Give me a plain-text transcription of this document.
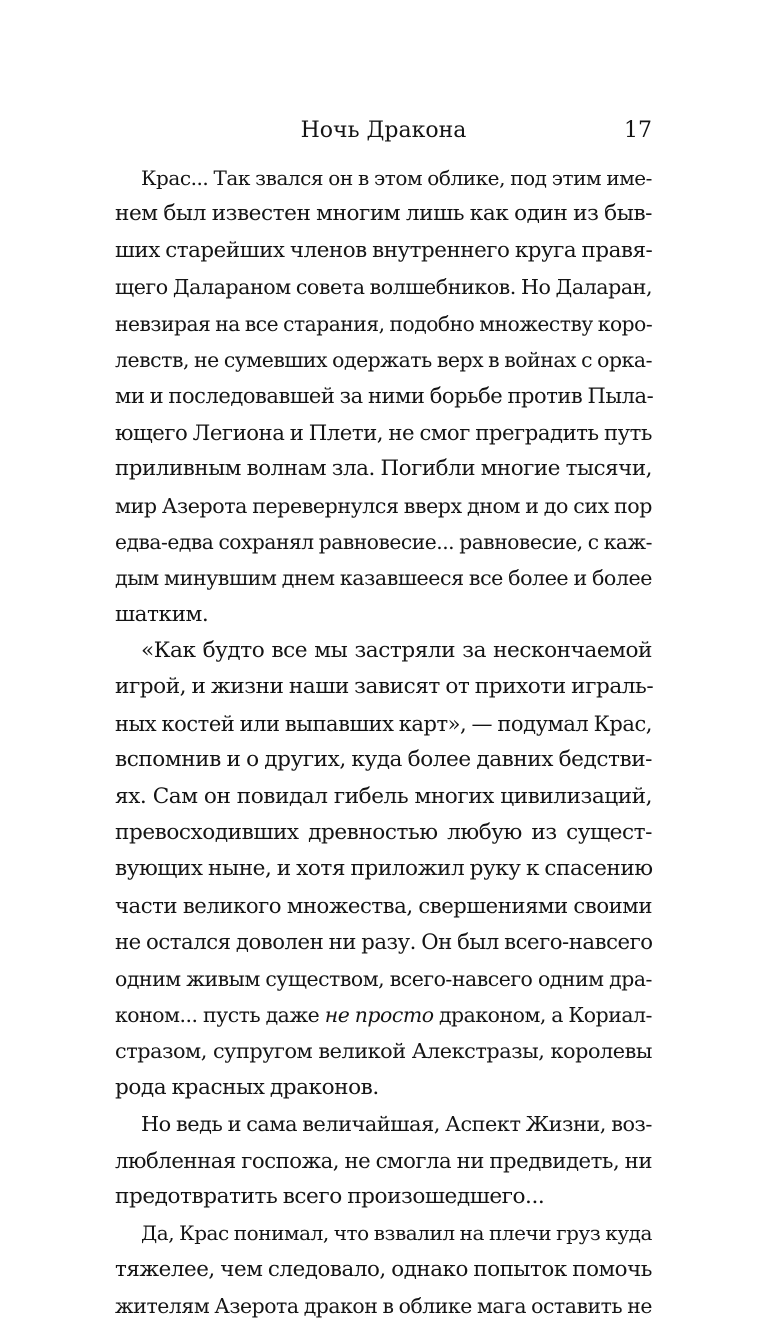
Ночь Дракона	17
Крас... Так звался он в этом облике, под этим име-
нем был известен многим лишь как один из быв-
ших старейших членов внутреннего круга правя-
щего Даларaном совета волшебников. Но Даларан,
невзирая на все старания, подобно множеству коро-
левств, не сумевших одержать верх в войнах с орка-
ми и последовавшей за ними борьбе против Пыла-
ющего Легиона и Плети, не смог преградить путь
приливным волнам зла. Погибли многие тысячи,
мир Азерота перевернулся вверх дном и до сих пор
едва-едва сохранял равновесие... равновесие, с каж-
дым минувшим днем казавшееся все более и более
шатким.
«Как будто все мы застряли за нескончаемой
игрой, и жизни наши зависят от прихоти играль-
ных костей или выпавших карт», — подумал Крас,
вспомнив и о других, куда более давних бедстви-
ях. Сам он повидал гибель многих цивилизаций,
превосходивших древностью любую из сущест-
вующих ныне, и хотя приложил руку к спасению
части великого множества, свершениями своими
не остался доволен ни разу. Он был всего-навсего
одним живым существом, всего-навсего одним дра-
коном... пусть даже не просто драконом, а Кориал-
стразом, супругом великой Алекстразы, королевы
рода красных драконов.
Но ведь и сама величайшая, Аспект Жизни, воз-
любленная госпожа, не смогла ни предвидеть, ни
предотвратить всего произошедшего...
Да, Крас понимал, что взвалил на плечи груз куда
тяжелее, чем следовало, однако попыток помочь
жителям Азерота дракон в облике мага оставить не
